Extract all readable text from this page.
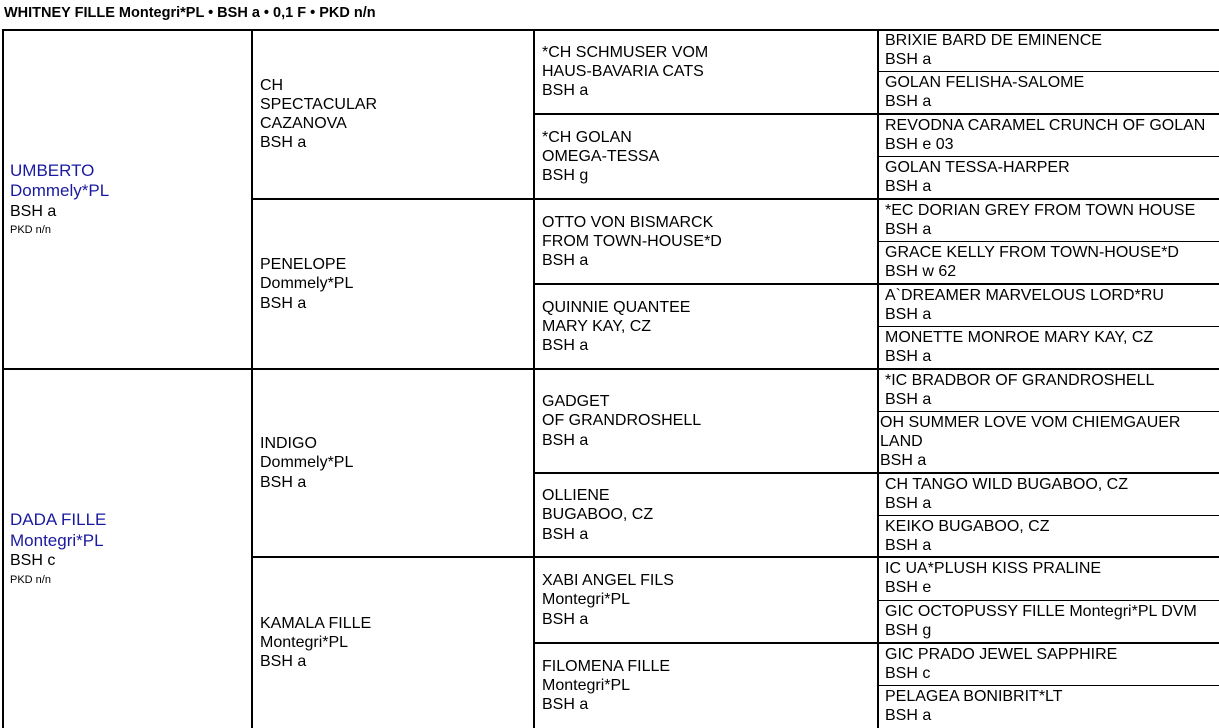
WHITNEY FILLE Montegri*PL • BSH a • 0,1 F • PKD n/n
UMBERTO
Dommely*PL
BSH a
PKD n/n
DADA FILLE
Montegri*PL
BSH c
PKD n/n
CH
SPECTACULAR
CAZANOVA
BSH a
PENELOPE
Dommely*PL
BSH a
INDIGO
Dommely*PL
BSH a
KAMALA FILLE
Montegri*PL
BSH a
*CH SCHMUSER VOM
HAUS-BAVARIA CATS
BSH a
*CH GOLAN
OMEGA-TESSA
BSH g
OTTO VON BISMARCK
FROM TOWN-HOUSE*D
BSH a
QUINNIE QUANTEE
MARY KAY, CZ
BSH a
GADGET
OF GRANDROSHELL
BSH a
OLLIENE
BUGABOO, CZ
BSH a
XABI ANGEL FILS
Montegri*PL
BSH a
FILOMENA FILLE
Montegri*PL
BSH a
BRIXIE BARD DE EMINENCE
BSH a
GOLAN FELISHA-SALOME
BSH a
REVODNA CARAMEL CRUNCH OF GOLAN
BSH e 03
GOLAN TESSA-HARPER
BSH a
*EC DORIAN GREY FROM TOWN HOUSE
BSH a
GRACE KELLY FROM TOWN-HOUSE*D
BSH w 62
A`DREAMER MARVELOUS LORD*RU
BSH a
MONETTE MONROE MARY KAY, CZ
BSH a
*IC BRADBOR OF GRANDROSHELL
BSH a
OH SUMMER LOVE VOM CHIEMGAUER
LAND
BSH a
CH TANGO WILD BUGABOO, CZ
BSH a
KEIKO BUGABOO, CZ
BSH a
IC UA*PLUSH KISS PRALINE
BSH e
GIC OCTOPUSSY FILLE Montegri*PL DVM
BSH g
GIC PRADO JEWEL SAPPHIRE
BSH c
PELAGEA BONIBRIT*LT
BSH a
